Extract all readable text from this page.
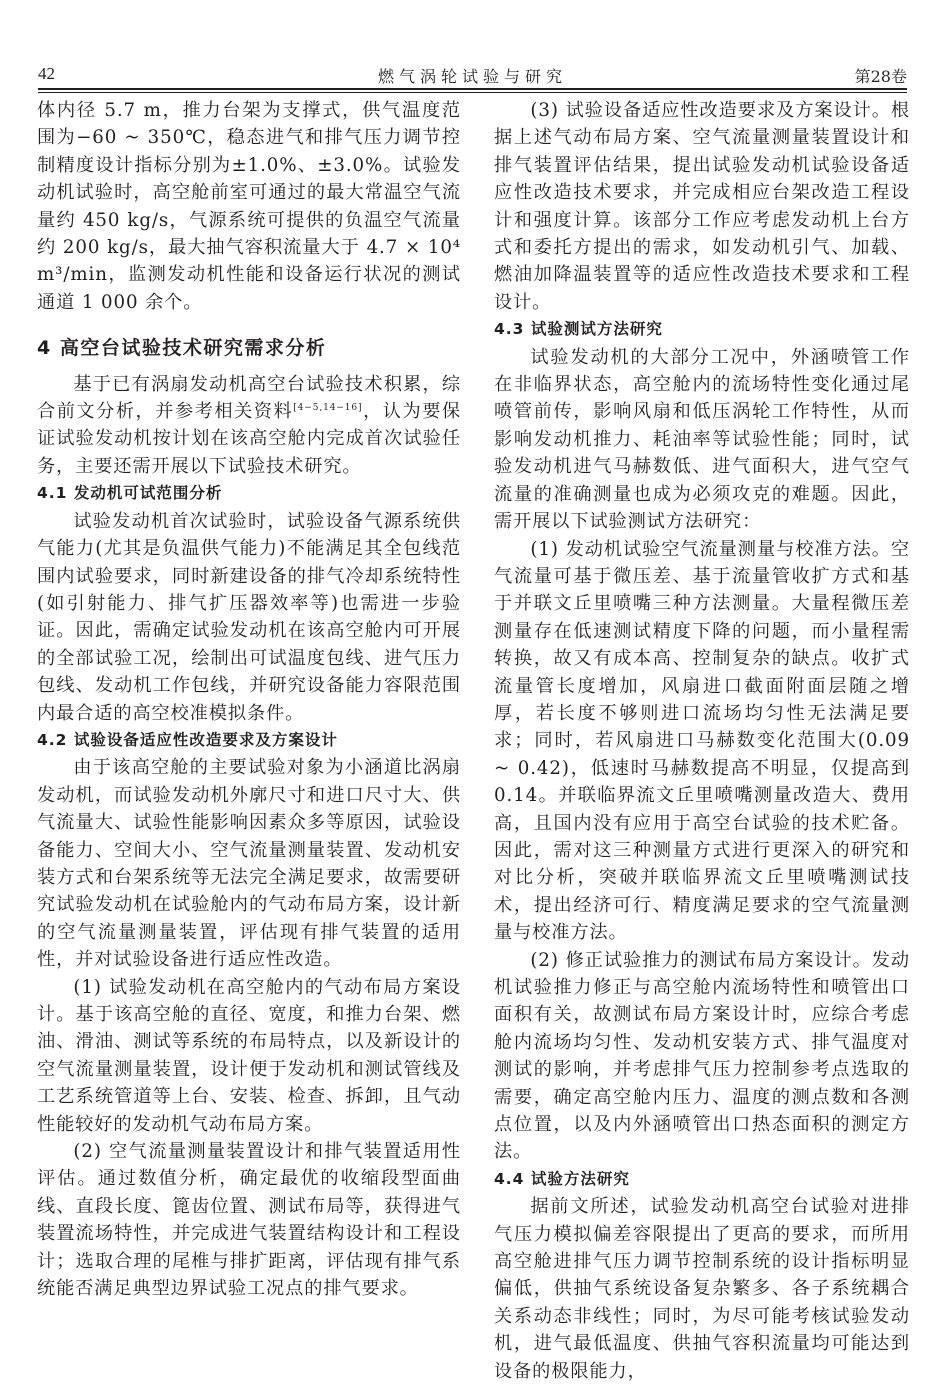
42	燃气涡轮试验与研究	第28卷

体内径 5.7 m，推力台架为支撑式，供气温度范围为−60 ~ 350℃，稳态进气和排气压力调节控制精度设计指标分别为±1.0%、±3.0%。试验发动机试验时，高空舱前室可通过的最大常温空气流量约 450 kg/s，气源系统可提供的负温空气流量约 200 kg/s，最大抽气容积流量大于 4.7 × 10⁴ m³/min，监测发动机性能和设备运行状况的测试通道 1 000 余个。

4 高空台试验技术研究需求分析

基于已有涡扇发动机高空台试验技术积累，综合前文分析，并参考相关资料[4−5,14−16]，认为要保证试验发动机按计划在该高空舱内完成首次试验任务，主要还需开展以下试验技术研究。

4.1 发动机可试范围分析

试验发动机首次试验时，试验设备气源系统供气能力(尤其是负温供气能力)不能满足其全包线范围内试验要求，同时新建设备的排气冷却系统特性(如引射能力、排气扩压器效率等)也需进一步验证。因此，需确定试验发动机在该高空舱内可开展的全部试验工况，绘制出可试温度包线、进气压力包线、发动机工作包线，并研究设备能力容限范围内最合适的高空校准模拟条件。

4.2 试验设备适应性改造要求及方案设计

由于该高空舱的主要试验对象为小涵道比涡扇发动机，而试验发动机外廓尺寸和进口尺寸大、供气流量大、试验性能影响因素众多等原因，试验设备能力、空间大小、空气流量测量装置、发动机安装方式和台架系统等无法完全满足要求，故需要研究试验发动机在试验舱内的气动布局方案，设计新的空气流量测量装置，评估现有排气装置的适用性，并对试验设备进行适应性改造。

(1) 试验发动机在高空舱内的气动布局方案设计。基于该高空舱的直径、宽度，和推力台架、燃油、滑油、测试等系统的布局特点，以及新设计的空气流量测量装置，设计便于发动机和测试管线及工艺系统管道等上台、安装、检查、拆卸，且气动性能较好的发动机气动布局方案。

(2) 空气流量测量装置设计和排气装置适用性评估。通过数值分析，确定最优的收缩段型面曲线、直段长度、篦齿位置、测试布局等，获得进气装置流场特性，并完成进气装置结构设计和工程设计；选取合理的尾椎与排扩距离，评估现有排气系统能否满足典型边界试验工况点的排气要求。

(3) 试验设备适应性改造要求及方案设计。根据上述气动布局方案、空气流量测量装置设计和排气装置评估结果，提出试验发动机试验设备适应性改造技术要求，并完成相应台架改造工程设计和强度计算。该部分工作应考虑发动机上台方式和委托方提出的需求，如发动机引气、加载、燃油加降温装置等的适应性改造技术要求和工程设计。

4.3 试验测试方法研究

试验发动机的大部分工况中，外涵喷管工作在非临界状态，高空舱内的流场特性变化通过尾喷管前传，影响风扇和低压涡轮工作特性，从而影响发动机推力、耗油率等试验性能；同时，试验发动机进气马赫数低、进气面积大，进气空气流量的准确测量也成为必须攻克的难题。因此，需开展以下试验测试方法研究：

(1) 发动机试验空气流量测量与校准方法。空气流量可基于微压差、基于流量管收扩方式和基于并联文丘里喷嘴三种方法测量。大量程微压差测量存在低速测试精度下降的问题，而小量程需转换，故又有成本高、控制复杂的缺点。收扩式流量管长度增加，风扇进口截面附面层随之增厚，若长度不够则进口流场均匀性无法满足要求；同时，若风扇进口马赫数变化范围大(0.09 ~ 0.42)，低速时马赫数提高不明显，仅提高到 0.14。并联临界流文丘里喷嘴测量改造大、费用高，且国内没有应用于高空台试验的技术贮备。因此，需对这三种测量方式进行更深入的研究和对比分析，突破并联临界流文丘里喷嘴测试技术，提出经济可行、精度满足要求的空气流量测量与校准方法。

(2) 修正试验推力的测试布局方案设计。发动机试验推力修正与高空舱内流场特性和喷管出口面积有关，故测试布局方案设计时，应综合考虑舱内流场均匀性、发动机安装方式、排气温度对测试的影响，并考虑排气压力控制参考点选取的需要，确定高空舱内压力、温度的测点数和各测点位置，以及内外涵喷管出口热态面积的测定方法。

4.4 试验方法研究

据前文所述，试验发动机高空台试验对进排气压力模拟偏差容限提出了更高的要求，而所用高空舱进排气压力调节控制系统的设计指标明显偏低，供抽气系统设备复杂繁多、各子系统耦合关系动态非线性；同时，为尽可能考核试验发动机，进气最低温度、供抽气容积流量均可能达到设备的极限能力，
